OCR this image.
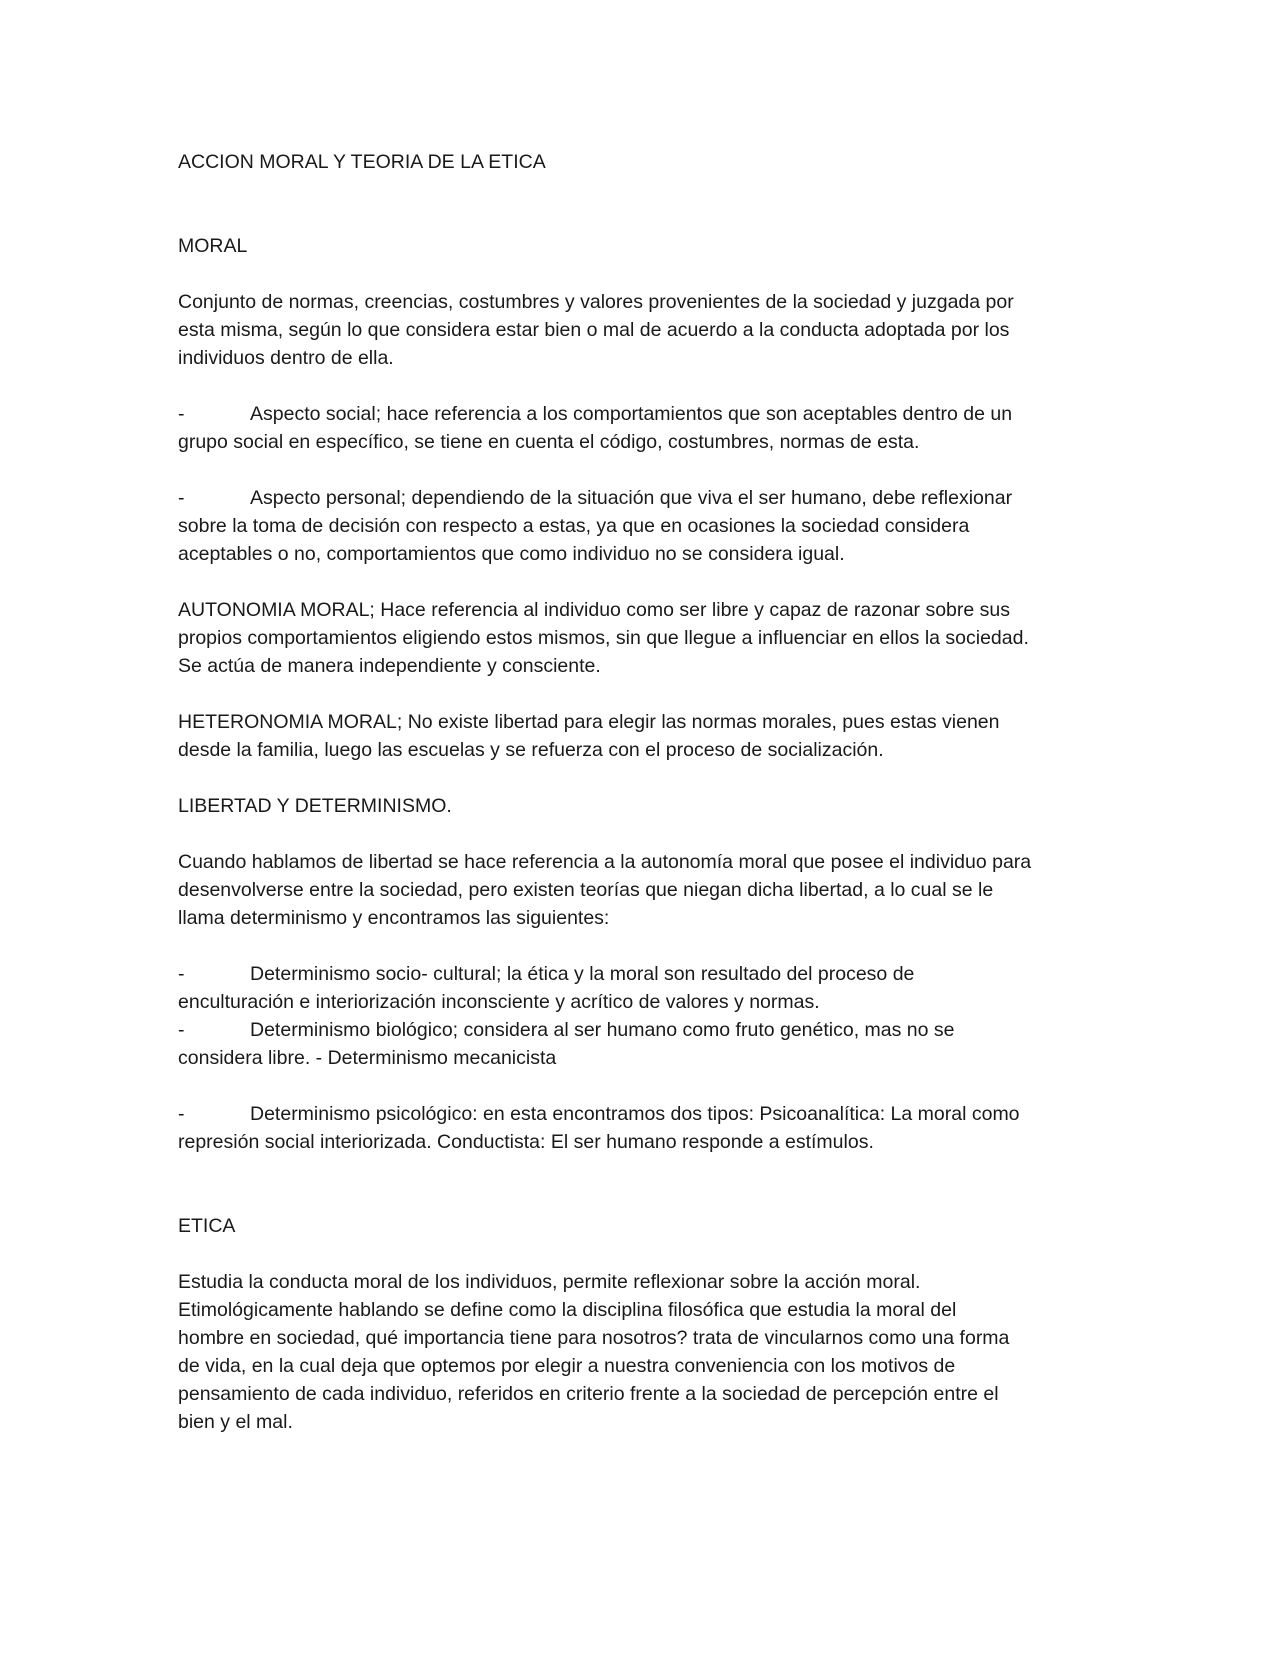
ACCION MORAL Y TEORIA DE LA ETICA

MORAL

Conjunto de normas, creencias, costumbres y valores provenientes de la sociedad y juzgada por
esta misma, según lo que considera estar bien o mal de acuerdo a la conducta adoptada por los
individuos dentro de ella.

-	Aspecto social; hace referencia a los comportamientos que son aceptables dentro de un
grupo social en específico, se tiene en cuenta el código, costumbres, normas de esta.

-	Aspecto personal; dependiendo de la situación que viva el ser humano, debe reflexionar
sobre la toma de decisión con respecto a estas, ya que en ocasiones la sociedad considera
aceptables o no, comportamientos que como individuo no se considera igual.

AUTONOMIA MORAL; Hace referencia al individuo como ser libre y capaz de razonar sobre sus
propios comportamientos eligiendo estos mismos, sin que llegue a influenciar en ellos la sociedad.
Se actúa de manera independiente y consciente.

HETERONOMIA MORAL; No existe libertad para elegir las normas morales, pues estas vienen
desde la familia, luego las escuelas y se refuerza con el proceso de socialización.

LIBERTAD Y DETERMINISMO.

Cuando hablamos de libertad se hace referencia a la autonomía moral que posee el individuo para
desenvolverse entre la sociedad, pero existen teorías que niegan dicha libertad, a lo cual se le
llama determinismo y encontramos las siguientes:

-	Determinismo socio- cultural; la ética y la moral son resultado del proceso de
enculturación e interiorización inconsciente y acrítico de valores y normas.

-	Determinismo biológico; considera al ser humano como fruto genético, mas no se
considera libre. - Determinismo mecanicista

-	Determinismo psicológico: en esta encontramos dos tipos: Psicoanalítica: La moral como
represión social interiorizada. Conductista: El ser humano responde a estímulos.

ETICA

Estudia la conducta moral de los individuos, permite reflexionar sobre la acción moral.
Etimológicamente hablando se define como la disciplina filosófica que estudia la moral del
hombre en sociedad, qué importancia tiene para nosotros? trata de vincularnos como una forma
de vida, en la cual deja que optemos por elegir a nuestra conveniencia con los motivos de
pensamiento de cada individuo, referidos en criterio frente a la sociedad de percepción entre el
bien y el mal.
